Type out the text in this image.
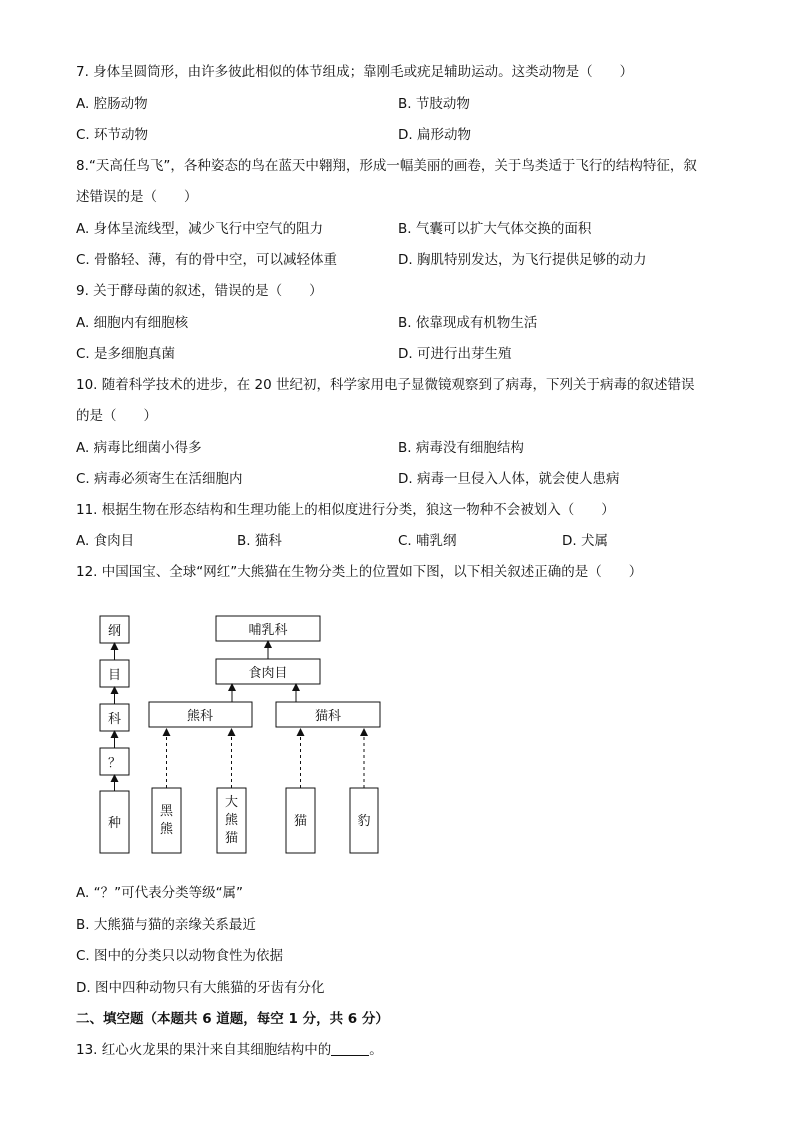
7. 身体呈圆筒形，由许多彼此相似的体节组成；靠刚毛或疣足辅助运动。这类动物是（　　）
A. 腔肠动物	B. 节肢动物
C. 环节动物	D. 扁形动物
8.“天高任鸟飞”，各种姿态的鸟在蓝天中翱翔，形成一幅美丽的画卷，关于鸟类适于飞行的结构特征，叙
述错误的是（　　）
A. 身体呈流线型，减少飞行中空气的阻力	B. 气囊可以扩大气体交换的面积
C. 骨骼轻、薄，有的骨中空，可以减轻体重	D. 胸肌特别发达，为飞行提供足够的动力
9. 关于酵母菌的叙述，错误的是（　　）
A. 细胞内有细胞核	B. 依靠现成有机物生活
C. 是多细胞真菌	D. 可进行出芽生殖
10. 随着科学技术的进步，在 20 世纪初，科学家用电子显微镜观察到了病毒，下列关于病毒的叙述错误
的是（　　）
A. 病毒比细菌小得多	B. 病毒没有细胞结构
C. 病毒必须寄生在活细胞内	D. 病毒一旦侵入人体，就会使人患病
11. 根据生物在形态结构和生理功能上的相似度进行分类，狼这一物种不会被划入（　　）
A. 食肉目	B. 猫科	C. 哺乳纲	D. 犬属
12. 中国国宝、全球“网红”大熊猫在生物分类上的位置如下图，以下相关叙述正确的是（　　）
纲
目
科
？
种
哺乳科
食肉目
熊科	猫科
黑
熊
大
熊
猫
猫	豹
A. “？”可代表分类等级“属”
B. 大熊猫与猫的亲缘关系最近
C. 图中的分类只以动物食性为依据
D. 图中四种动物只有大熊猫的牙齿有分化
二、填空题（本题共 6 道题，每空 1 分，共 6 分）
13. 红心火龙果的果汁来自其细胞结构中的	。
